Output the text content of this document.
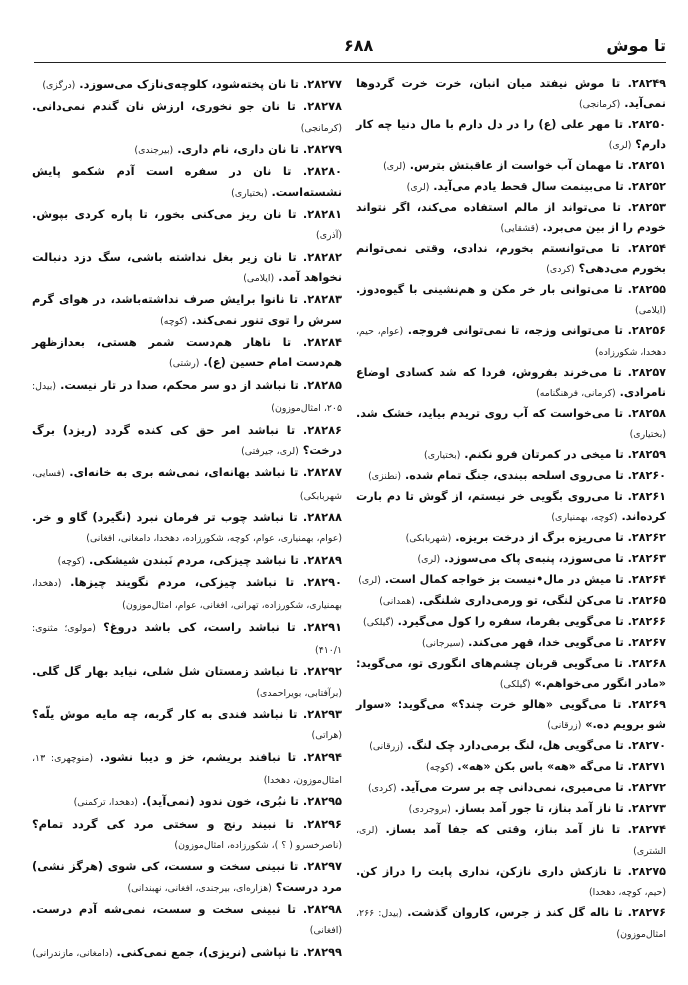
تا موش
۶۸۸
۲۸۲۴۹. تا موش نیفتد میان انبان، خرت خرت گردوها نمی‌آید. (کرمانجی)
۲۸۲۵۰. تا مهر علی (ع) را در دل دارم با مال دنیا چه کار دارم؟ (لری)
۲۸۲۵۱. تا مهمان آب خواست از عاقبتش بترس. (لری)
۲۸۲۵۲. تا می‌بینمت سال قحط یادم می‌آید. (لری)
۲۸۲۵۳. تا می‌تواند از مالم استفاده می‌کند، اگر نتواند خودم را از بین می‌برد. (قشقایی)
۲۸۲۵۴. تا می‌توانستم بخورم، ندادی، وقتی نمی‌توانم بخورم می‌دهی؟ (کردی)
۲۸۲۵۵. تا می‌توانی بار خر مکن و هم‌نشینی با گیوه‌دوز. (ایلامی)
۲۸۲۵۶. تا می‌توانی وزجه، تا نمی‌توانی فروجه. (عوام، حیم، دهخدا، شکورزاده)
۲۸۲۵۷. تا می‌خرند بفروش، فردا که شد کسادی اوضاع نامرادی. (کرمانی، فرهنگنامه)
۲۸۲۵۸. تا می‌خواست که آب روی تریدم بیاید، خشک شد. (بختیاری)
۲۸۲۵۹. تا میخی در کمرتان فرو نکنم. (بختیاری)
۲۸۲۶۰. تا می‌روی اسلحه ببندی، جنگ تمام شده. (نطنزی)
۲۸۲۶۱. تا می‌روی بگویی خر نیستم، از گوش تا دم بارت کرده‌اند. (کوچه، بهمنیاری)
۲۸۲۶۲. تا می‌ریزه برگ از درخت بریزه. (شهربابکی)
۲۸۲۶۳. تا می‌سوزد، پنبه‌ی پاک می‌سوزد. (لری)
۲۸۲۶۴. تا میش در مال•نیست بز خواجه کمال است. (لری)
۲۸۲۶۵. تا می‌کن لنگی، تو ورمی‌داری شلنگی. (همدانی)
۲۸۲۶۶. تا می‌گویی بفرما، سفره را کول می‌گیرد. (گیلکی)
۲۸۲۶۷. تا می‌گویی خدا، قهر می‌کند. (سیرجانی)
۲۸۲۶۸. تا می‌گویی قربان چشم‌های انگوری تو، می‌گوید: «مادر انگور می‌خواهم.» (گیلکی)
۲۸۲۶۹. تا می‌گویی «هالو خرت چند؟» می‌گوید: «سوار شو برویم ده.» (زرقانی)
۲۸۲۷۰. تا می‌گویی هل، لنگ برمی‌دارد چک لنگ. (زرقانی)
۲۸۲۷۱. تا می‌گه «هه» باس بکن «هه». (کوچه)
۲۸۲۷۲. تا می‌میری، نمی‌دانی چه بر سرت می‌آید. (کردی)
۲۸۲۷۳. تا ناز آمد بناز، تا جور آمد بساز. (بروجردی)
۲۸۲۷۴. تا ناز آمد بناز، وقتی که جفا آمد بساز. (لری، الشتری)
۲۸۲۷۵. تا نازکش داری نازکن، نداری پایت را دراز کن. (حیم، کوچه، دهخدا)
۲۸۲۷۶. تا ناله گل کند ز جرس، کاروان گذشت. (بیدل: ۲۶۶، امثال‌موزون)
۲۸۲۷۷. تا نان پخته‌شود، کلوچه‌ی‌نازک می‌سوزد. (درگزی)
۲۸۲۷۸. تا نان جو نخوری، ارزش نان گندم نمی‌دانی. (کرمانجی)
۲۸۲۷۹. تا نان داری، نام داری. (بیرجندی)
۲۸۲۸۰. تا نان در سفره است آدم شکمو پایش نشسته‌است. (بختیاری)
۲۸۲۸۱. تا نان ریز می‌کنی بخور، تا پاره کردی بپوش. (آذری)
۲۸۲۸۲. تا نان زیر بغل نداشته باشی، سگ دزد دنبالت نخواهد آمد. (ایلامی)
۲۸۲۸۳. تا نانوا برایش صرف نداشته‌باشد، در هوای گرم سرش را توی تنور نمی‌کند. (کوچه)
۲۸۲۸۴. تا ناهار هم‌دست شمر هستی، بعدازظهر هم‌دست امام حسین (ع). (رشتی)
۲۸۲۸۵. تا نباشد از دو سر محکم، صدا در تار نیست. (بیدل: ۲۰۵، امثال‌موزون)
۲۸۲۸۶. تا نباشد امر حق کی کنده گردد (ریزد) برگ درخت؟ (لری، جیرفتی)
۲۸۲۸۷. تا نباشد بهانه‌ای، نمی‌شه بری به خانه‌ای. (فسایی، شهربابکی)
۲۸۲۸۸. تا نباشد چوب تر فرمان نبرد (نگیرد) گاو و خر. (عوام، بهمنیاری، عوام، کوچه، شکورزاده، دهخدا، دامغانی، افغانی)
۲۸۲۸۹. تا نباشد چیزکی، مردم نَبندن شیشکی. (کوچه)
۲۸۲۹۰. تا نباشد چیزکی، مردم نگویند چیزها. (دهخدا، بهمنیاری، شکورزاده، تهرانی، افغانی، عوام، امثال‌موزون)
۲۸۲۹۱. تا نباشد راست، کی باشد دروغ؟ (مولوی؛ مثنوی: ۴۱۰/۱)
۲۸۲۹۲. تا نباشد زمستان شل شلی، نیاید بهار گل گلی. (برآفتابی، بویراحمدی)
۲۸۲۹۳. تا نباشد فندی به کار گربه، چه مایه موش یلّه؟ (هراتی)
۲۸۲۹۴. تا نبافند بریشم، خز و دیبا نشود. (منوچهری: ۱۳، امثال‌موزون، دهخدا)
۲۸۲۹۵. تا نبُری، خون ندود (نمی‌آید). (دهخدا، ترکمنی)
۲۸۲۹۶. تا نبیند رنج و سختی مرد کی گردد تمام؟ (ناصرخسرو ( ؟ )، شکورزاده، امثال‌موزون)
۲۸۲۹۷. تا نبینی سخت و سست، کی شوی (هرگز نشی) مرد درست؟ (هزاره‌ای، بیرجندی، افغانی، نهبندانی)
۲۸۲۹۸. تا نبینی سخت و سست، نمی‌شه آدم درست. (افغانی)
۲۸۲۹۹. تا نپاشی (نریزی)، جمع نمی‌کنی. (دامغانی، مازندرانی)
